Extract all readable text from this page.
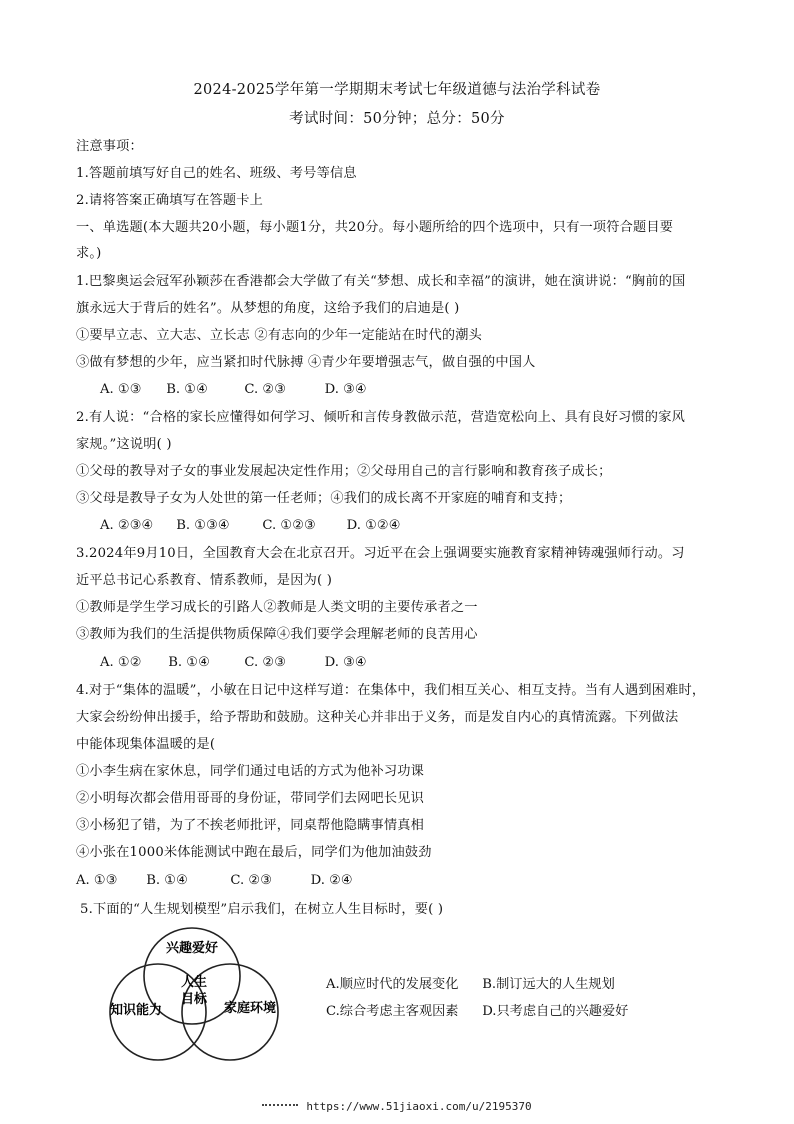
2024-2025学年第一学期期末考试七年级道德与法治学科试卷
考试时间：50分钟；总分：50分
注意事项：
1.答题前填写好自己的姓名、班级、考号等信息
2.请将答案正确填写在答题卡上
一、单选题(本大题共20小题，每小题1分，共20分。每小题所给的四个选项中，只有一项符合题目要
求。)
1.巴黎奥运会冠军孙颖莎在香港都会大学做了有关“梦想、成长和幸福”的演讲，她在演讲说：“胸前的国
旗永远大于背后的姓名”。从梦想的角度，这给予我们的启迪是( )
①要早立志、立大志、立长志 ②有志向的少年一定能站在时代的潮头
③做有梦想的少年，应当紧扣时代脉搏 ④青少年要增强志气，做自强的中国人
A. ①③ B. ①④	C. ②③	D. ③④
2.有人说：“合格的家长应懂得如何学习、倾听和言传身教做示范，营造宽松向上、具有良好习惯的家风
家规。”这说明( )
①父母的教导对子女的事业发展起决定性作用；②父母用自己的言行影响和教育孩子成长；
③父母是教导子女为人处世的第一任老师；④我们的成长离不开家庭的哺育和支持；
A. ②③④ B. ①③④ C. ①②③ D. ①②④
3.2024年9月10日，全国教育大会在北京召开。习近平在会上强调要实施教育家精神铸魂强师行动。习
近平总书记心系教育、情系教师，是因为( )
①教师是学生学习成长的引路人②教师是人类文明的主要传承者之一
③教师为我们的生活提供物质保障④我们要学会理解老师的良苦用心
A. ①② B. ①④	C. ②③	D. ③④
4.对于“集体的温暖”，小敏在日记中这样写道：在集体中，我们相互关心、相互支持。当有人遇到困难时，
大家会纷纷伸出援手，给予帮助和鼓励。这种关心并非出于义务，而是发自内心的真情流露。下列做法
中能体现集体温暖的是(
①小李生病在家休息，同学们通过电话的方式为他补习功课
②小明每次都会借用哥哥的身份证，带同学们去网吧长见识
③小杨犯了错，为了不挨老师批评，同桌帮他隐瞒事情真相
④小张在1000米体能测试中跑在最后，同学们为他加油鼓劲
A. ①③ B. ①④	C. ②③	D. ②④
5.下面的“人生规划模型”启示我们，在树立人生目标时，要( )
兴趣爱好
知识能力	家庭环境
人生
目标
A.顺应时代的发展变化 B.制订远大的人生规划
C.综合考虑主客观因素 D.只考虑自己的兴趣爱好
https://www.51jiaoxi.com/u/2195370
